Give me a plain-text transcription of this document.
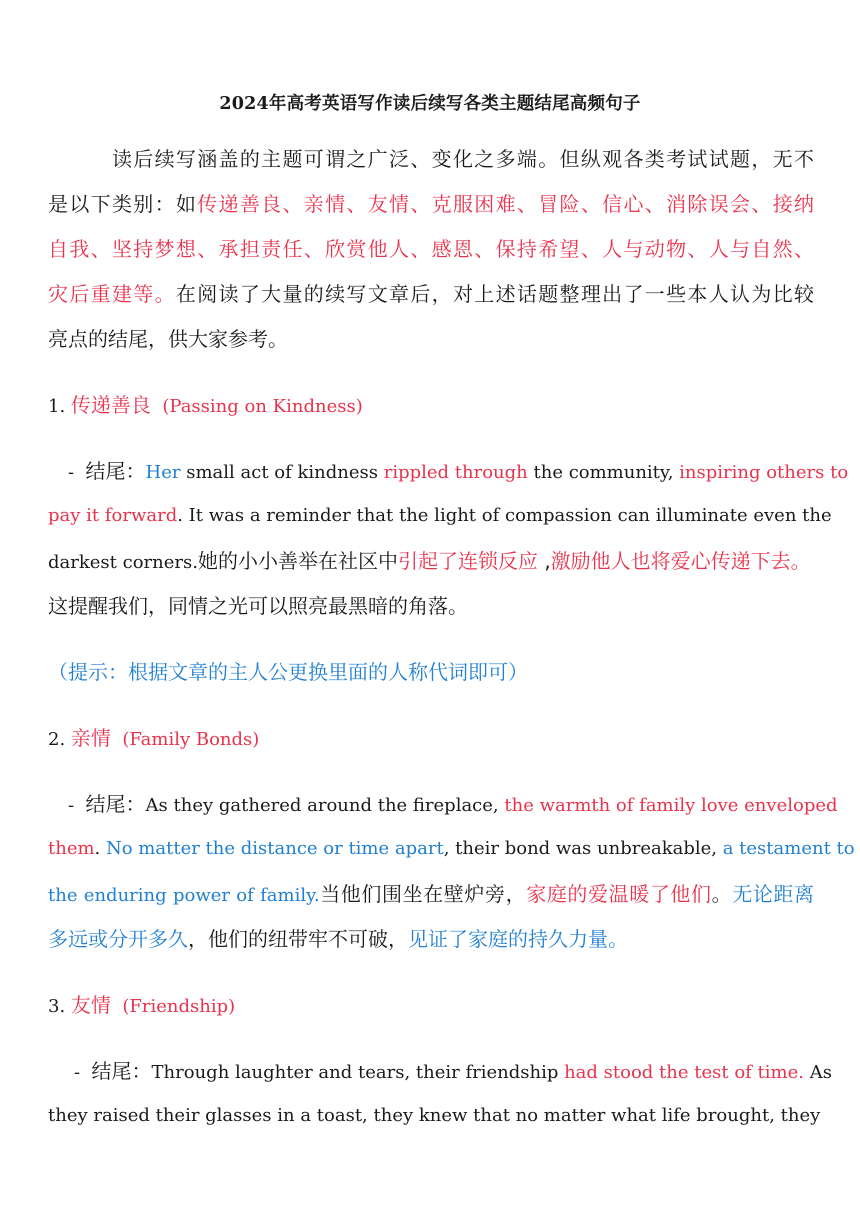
2024年高考英语写作读后续写各类主题结尾高频句子
读后续写涵盖的主题可谓之广泛、变化之多端。但纵观各类考试试题，无不
是以下类别：如传递善良、亲情、友情、克服困难、冒险、信心、消除误会、接纳
自我、坚持梦想、承担责任、欣赏他人、感恩、保持希望、人与动物、人与自然、
灾后重建等。在阅读了大量的续写文章后，对上述话题整理出了一些本人认为比较
亮点的结尾，供大家参考。
1. 传递善良 (Passing on Kindness)
- 结尾：Her small act of kindness rippled through the community, inspiring others to
pay it forward. It was a reminder that the light of compassion can illuminate even the
darkest corners.她的小小善举在社区中引起了连锁反应 ,激励他人也将爱心传递下去。
这提醒我们，同情之光可以照亮最黑暗的角落。
（提示：根据文章的主人公更换里面的人称代词即可）
2. 亲情 (Family Bonds)
- 结尾：As they gathered around the fireplace, the warmth of family love enveloped
them. No matter the distance or time apart, their bond was unbreakable, a testament to
the enduring power of family.当他们围坐在壁炉旁，家庭的爱温暖了他们。无论距离
多远或分开多久，他们的纽带牢不可破，见证了家庭的持久力量。
3. 友情 (Friendship)
- 结尾：Through laughter and tears, their friendship had stood the test of time. As
they raised their glasses in a toast, they knew that no matter what life brought, they
